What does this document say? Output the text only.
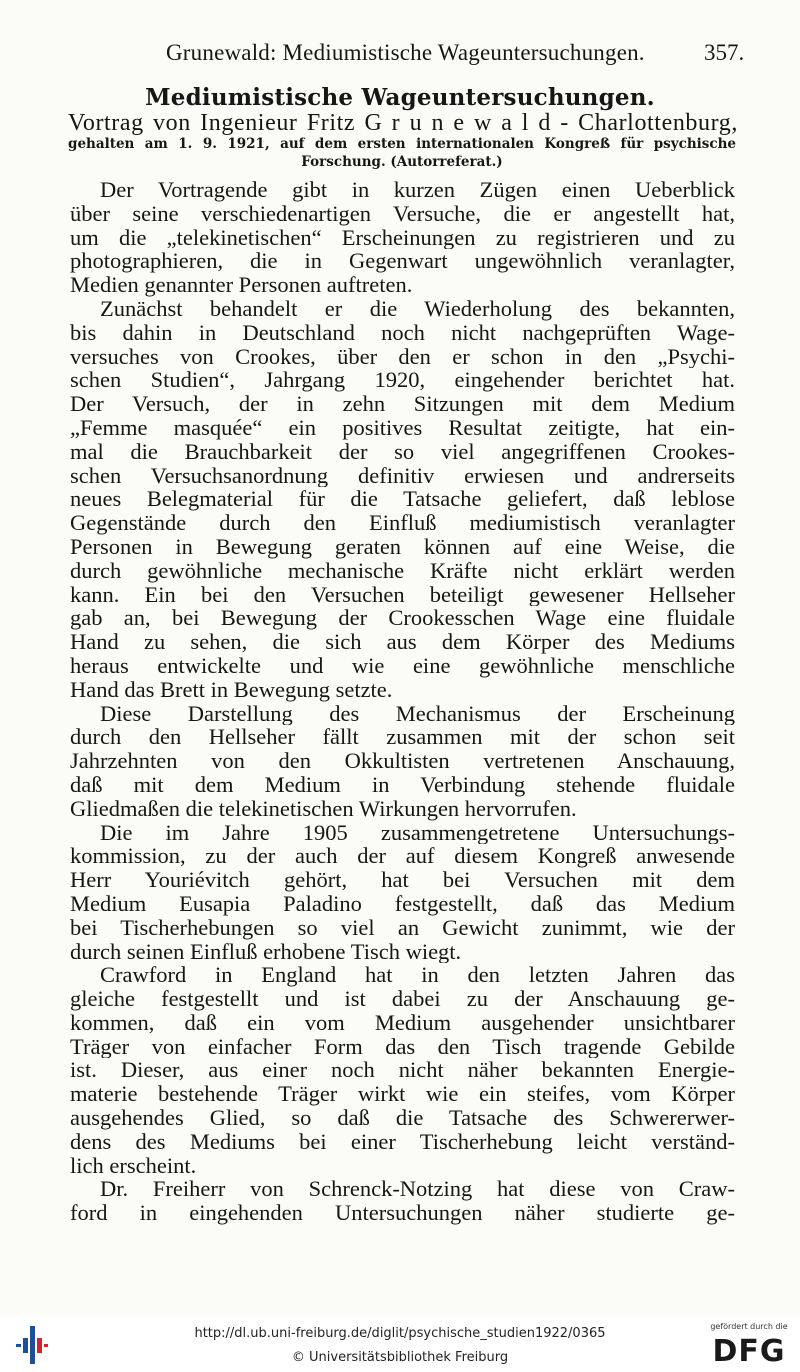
Grunewald: Mediumistische Wageuntersuchungen.	357.
Mediumistische Wageuntersuchungen.
Vortrag von Ingenieur Fritz G r u n e w a l d - Charlottenburg,
gehalten am 1. 9. 1921, auf dem ersten internationalen Kongreß für psychische
Forschung. (Autorreferat.)
Der Vortragende gibt in kurzen Zügen einen Ueberblick
über seine verschiedenartigen Versuche, die er angestellt hat,
um die „telekinetischen“ Erscheinungen zu registrieren und zu
photographieren, die in Gegenwart ungewöhnlich veranlagter,
Medien genannter Personen auftreten.
Zunächst behandelt er die Wiederholung des bekannten,
bis dahin in Deutschland noch nicht nachgeprüften Wage-
versuches von Crookes, über den er schon in den „Psychi-
schen Studien“, Jahrgang 1920, eingehender berichtet hat.
Der Versuch, der in zehn Sitzungen mit dem Medium
„Femme masquée“ ein positives Resultat zeitigte, hat ein-
mal die Brauchbarkeit der so viel angegriffenen Crookes-
schen Versuchsanordnung definitiv erwiesen und andrerseits
neues Belegmaterial für die Tatsache geliefert, daß leblose
Gegenstände durch den Einfluß mediumistisch veranlagter
Personen in Bewegung geraten können auf eine Weise, die
durch gewöhnliche mechanische Kräfte nicht erklärt werden
kann. Ein bei den Versuchen beteiligt gewesener Hellseher
gab an, bei Bewegung der Crookesschen Wage eine fluidale
Hand zu sehen, die sich aus dem Körper des Mediums
heraus entwickelte und wie eine gewöhnliche menschliche
Hand das Brett in Bewegung setzte.
Diese Darstellung des Mechanismus der Erscheinung
durch den Hellseher fällt zusammen mit der schon seit
Jahrzehnten von den Okkultisten vertretenen Anschauung,
daß mit dem Medium in Verbindung stehende fluidale
Gliedmaßen die telekinetischen Wirkungen hervorrufen.
Die im Jahre 1905 zusammengetretene Untersuchungs-
kommission, zu der auch der auf diesem Kongreß anwesende
Herr Youriévitch gehört, hat bei Versuchen mit dem
Medium Eusapia Paladino festgestellt, daß das Medium
bei Tischerhebungen so viel an Gewicht zunimmt, wie der
durch seinen Einfluß erhobene Tisch wiegt.
Crawford in England hat in den letzten Jahren das
gleiche festgestellt und ist dabei zu der Anschauung ge-
kommen, daß ein vom Medium ausgehender unsichtbarer
Träger von einfacher Form das den Tisch tragende Gebilde
ist. Dieser, aus einer noch nicht näher bekannten Energie-
materie bestehende Träger wirkt wie ein steifes, vom Körper
ausgehendes Glied, so daß die Tatsache des Schwererwer-
dens des Mediums bei einer Tischerhebung leicht verständ-
lich erscheint.
Dr. Freiherr von Schrenck-Notzing hat diese von Craw-
ford in eingehenden Untersuchungen näher studierte ge-
http://dl.ub.uni-freiburg.de/diglit/psychische_studien1922/0365
© Universitätsbibliothek Freiburg
gefördert durch die
DFG
